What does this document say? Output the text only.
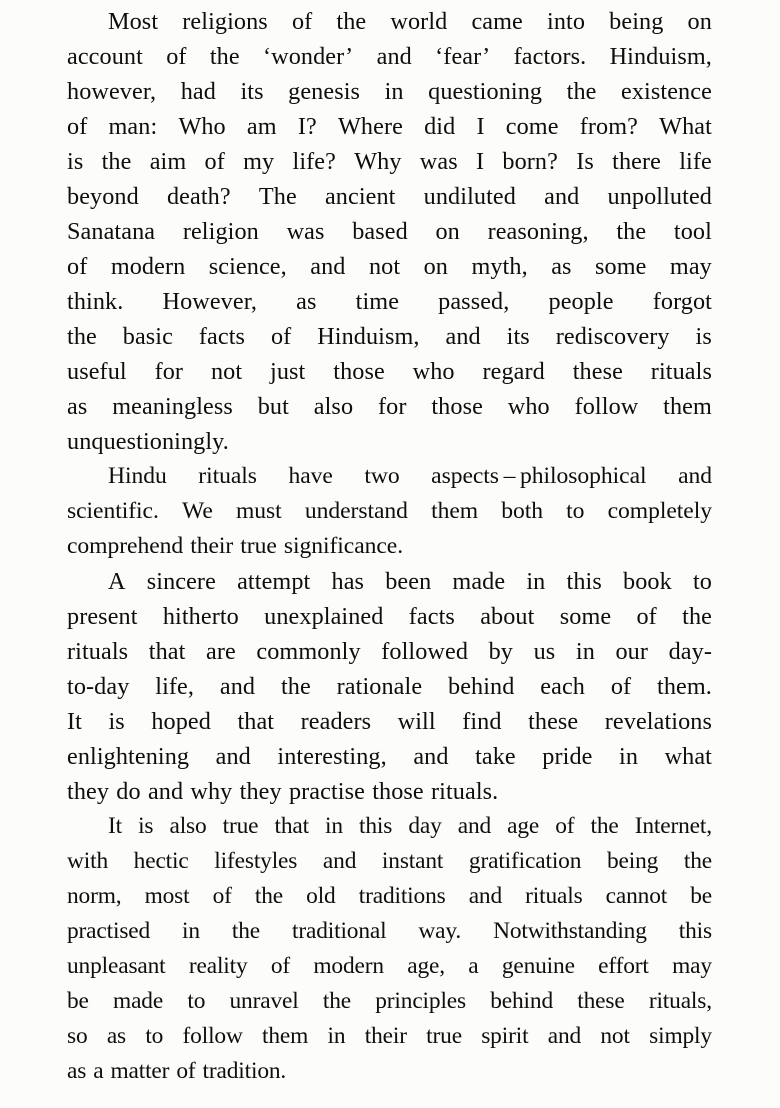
Most religions of the world came into being on
account of the ‘wonder’ and ‘fear’ factors. Hinduism,
however, had its genesis in questioning the existence
of man: Who am I? Where did I come from? What
is the aim of my life? Why was I born? Is there life
beyond death? The ancient undiluted and unpolluted
Sanatana religion was based on reasoning, the tool
of modern science, and not on myth, as some may
think. However, as time passed, people forgot
the basic facts of Hinduism, and its rediscovery is
useful for not just those who regard these rituals
as meaningless but also for those who follow them
unquestioningly.

Hindu rituals have two aspects – philosophical and
scientific. We must understand them both to completely
comprehend their true significance.

A sincere attempt has been made in this book to
present hitherto unexplained facts about some of the
rituals that are commonly followed by us in our day-
to-day life, and the rationale behind each of them.
It is hoped that readers will find these revelations
enlightening and interesting, and take pride in what
they do and why they practise those rituals.

It is also true that in this day and age of the Internet,
with hectic lifestyles and instant gratification being the
norm, most of the old traditions and rituals cannot be
practised in the traditional way. Notwithstanding this
unpleasant reality of modern age, a genuine effort may
be made to unravel the principles behind these rituals,
so as to follow them in their true spirit and not simply
as a matter of tradition.
